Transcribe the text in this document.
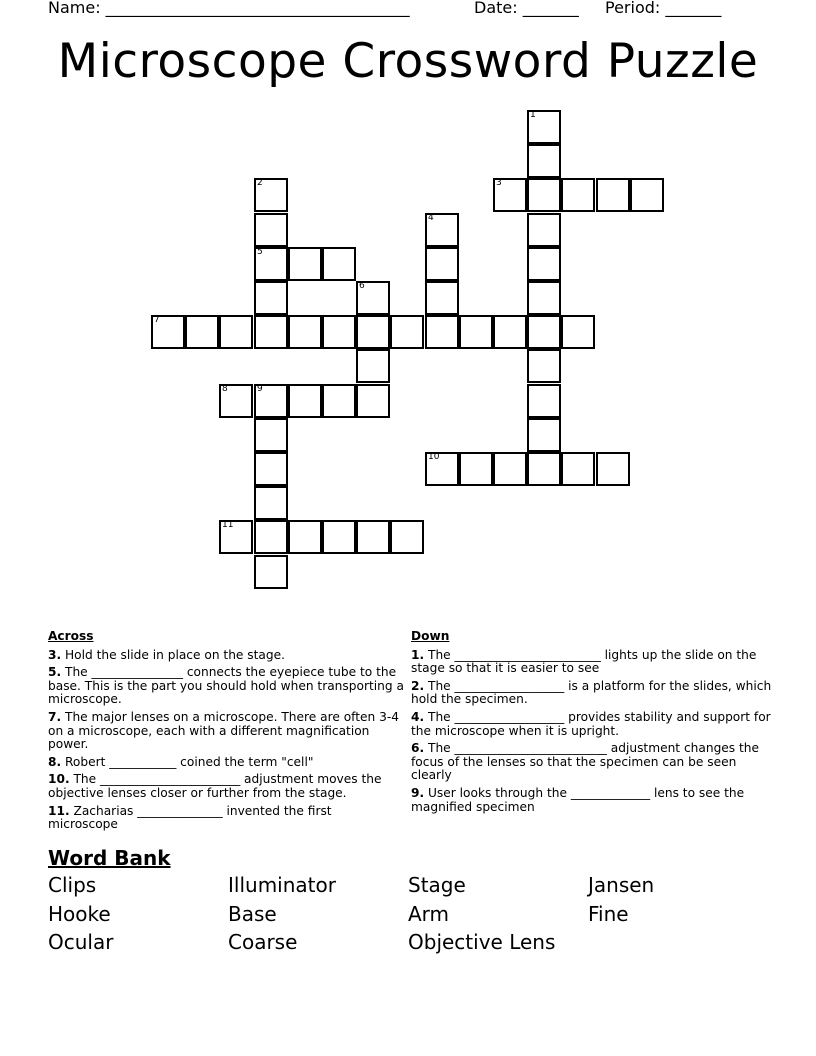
Name: ______________________________________	Date: _______ Period: _______
Microscope Crossword Puzzle
1
2
5
3
4
6
7
8	9
10
11
Across
3. Hold the slide in place on the stage.
5. The _______________ connects the eyepiece tube to the base. This is the part you should hold when transporting a microscope.
7. The major lenses on a microscope. There are often 3-4 on a microscope, each with a different magnification power.
8. Robert ___________ coined the term "cell"
10. The _______________________ adjustment moves the objective lenses closer or further from the stage.
11. Zacharias ______________ invented the first microscope
Down
1. The ________________________ lights up the slide on the stage so that it is easier to see
2. The __________________ is a platform for the slides, which hold the specimen.
4. The __________________ provides stability and support for the microscope when it is upright.
6. The _________________________ adjustment changes the focus of the lenses so that the specimen can be seen clearly
9. User looks through the _____________ lens to see the magnified specimen
Word Bank
Clips	Illuminator	Stage	Jansen
Hooke	Base	Arm	Fine
Ocular	Coarse	Objective Lens
